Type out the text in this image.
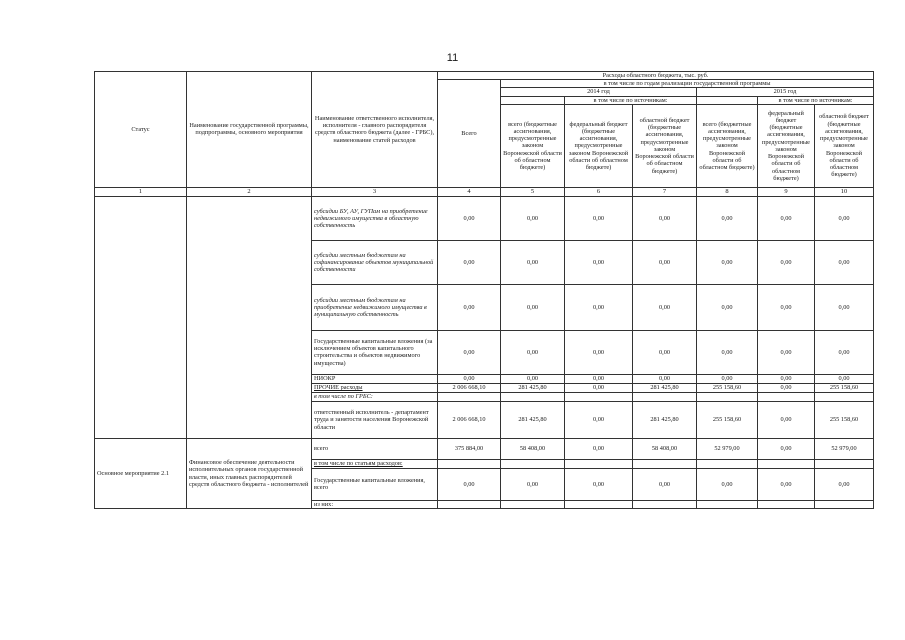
11
Статус	Наименование государственной программы, подпрограммы, основного мероприятия	Наименование ответственного исполнителя, исполнителя - главного распорядителя средств областного бюджета (далее - ГРБС), наименование статей расходов	Расходы областного бюджета, тыс. руб.						
			Всего	в том числе по годам реализации государственной программы					
				2014 год			2015 год		
					в том числе по источникам:			в том числе по источникам:	
				всего (бюджетные ассигнования, предусмотренные законом Воронежской области об областном бюджете)	федеральный бюджет (бюджетные ассигнования, предусмотренные законом Воронежской области об областном бюджете)	областной бюджет (бюджетные ассигнования, предусмотренные законом Воронежской области об областном бюджете)	всего (бюджетные ассигнования, предусмотренные законом Воронежской области об областном бюджете)	федеральный бюджет (бюджетные ассигнования, предусмотренные законом Воронежской области об областном бюджете)	областной бюджет (бюджетные ассигнования, предусмотренные законом Воронежской области об областном бюджете)
1	2	3	4	5	6	7	8	9	10
		субсидии БУ, АУ, ГУПам на приобретение недвижимого имущества в областную собственность	0,00	0,00	0,00	0,00	0,00	0,00	0,00
		субсидии местным бюджетам на софинансирование объектов муниципальной собственности	0,00	0,00	0,00	0,00	0,00	0,00	0,00
		субсидии местным бюджетам на приобретение недвижимого имущества в муниципальную собственность	0,00	0,00	0,00	0,00	0,00	0,00	0,00
		Государственные капитальные вложения (за исключением объектов капитального строительства и объектов недвижимого имущества)	0,00	0,00	0,00	0,00	0,00	0,00	0,00
		НИОКР	0,00	0,00	0,00	0,00	0,00	0,00	0,00
		ПРОЧИЕ расходы	2 006 668,10	281 425,80	0,00	281 425,80	255 158,60	0,00	255 158,60
		в том числе по ГРБС:							
		ответственный исполнитель - департамент труда и занятости населения Воронежской области	2 006 668,10	281 425,80	0,00	281 425,80	255 158,60	0,00	255 158,60
Основное мероприятие 2.1	Финансовое обеспечение деятельности исполнительных органов государственной власти, иных главных распорядителей средств областного бюджета - исполнителей	всего	375 884,00	58 408,00	0,00	58 408,00	52 979,00	0,00	52 979,00
		в том числе по статьям расходов:							
		Государственные капитальные вложения, всего	0,00	0,00	0,00	0,00	0,00	0,00	0,00
		из них:							
